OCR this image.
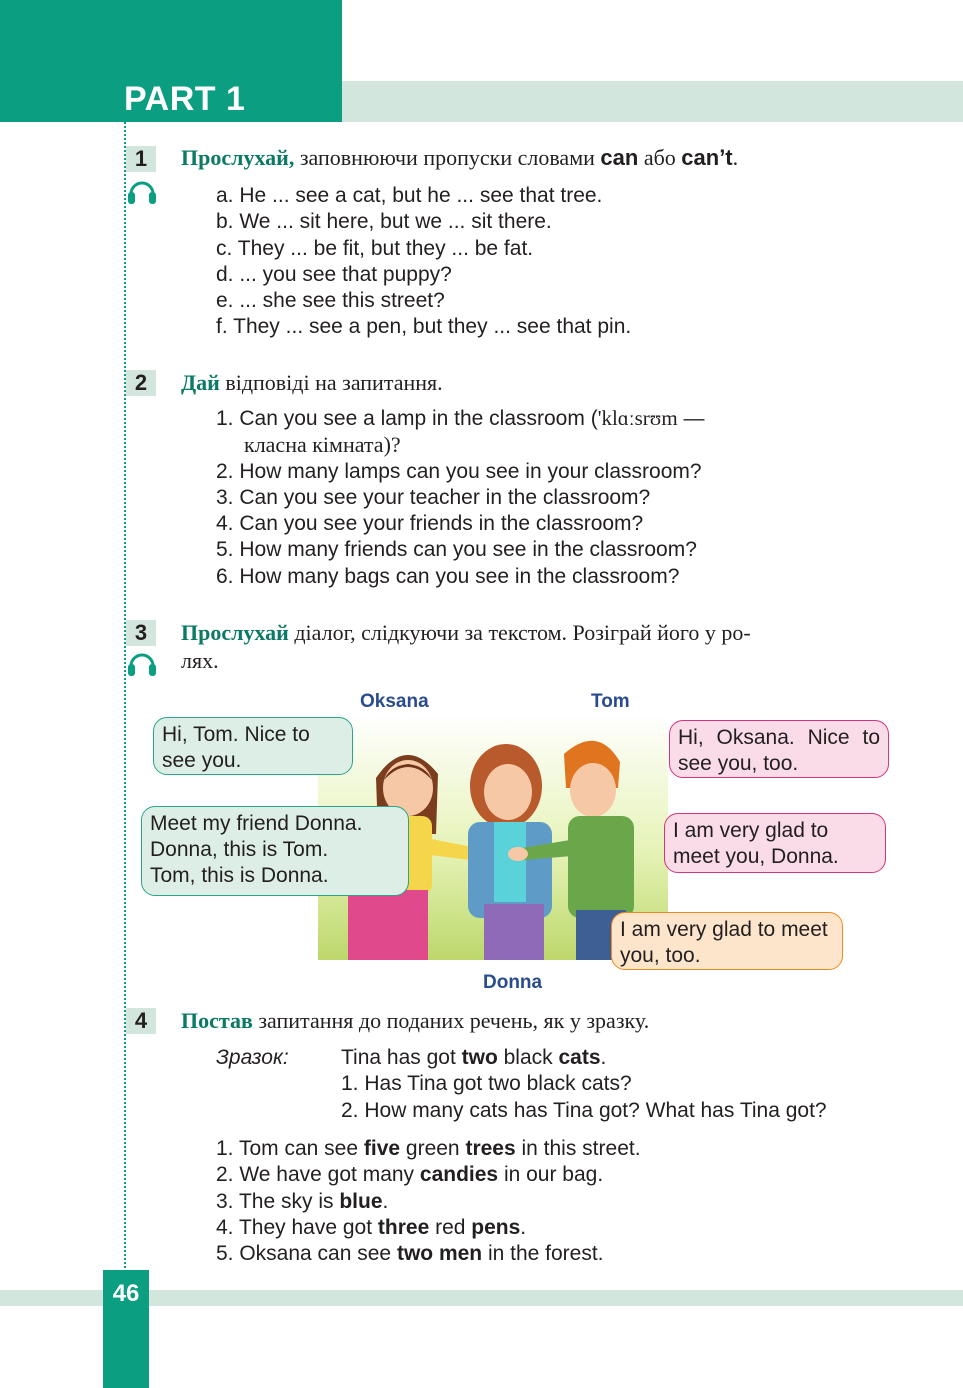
PART 1
1	Прослухай, заповнюючи пропуски словами can або can’t.
a. He ... see a cat, but he ... see that tree.
b. We ... sit here, but we ... sit there.
c. They ... be fit, but they ... be fat.
d. ... you see that puppy?
e. ... she see this street?
f. They ... see a pen, but they ... see that pin.
2	Дай відповіді на запитання.
1. Can you see a lamp in the classroom ('klɑːsrʊm —
класна кімната)?
2. How many lamps can you see in your classroom?
3. Can you see your teacher in the classroom?
4. Can you see your friends in the classroom?
5. How many friends can you see in the classroom?
6. How many bags can you see in the classroom?
3	Прослухай діалог, слідкуючи за текстом. Розіграй його у ро-
лях.
Oksana	Tom
Donna
Hi, Tom. Nice to see you.
Hi, Oksana. Nice to see you, too.
Meet my friend Donna.
Donna, this is Tom.
Tom, this is Donna.
I am very glad to meet you, Donna.
I am very glad to meet you, too.
4	Постав запитання до поданих речень, як у зразку.
Зразок: Tina has got two black cats.
1. Has Tina got two black cats?
2. How many cats has Tina got? What has Tina got?
1. Tom can see five green trees in this street.
2. We have got many candies in our bag.
3. The sky is blue.
4. They have got three red pens.
5. Oksana can see two men in the forest.
46
